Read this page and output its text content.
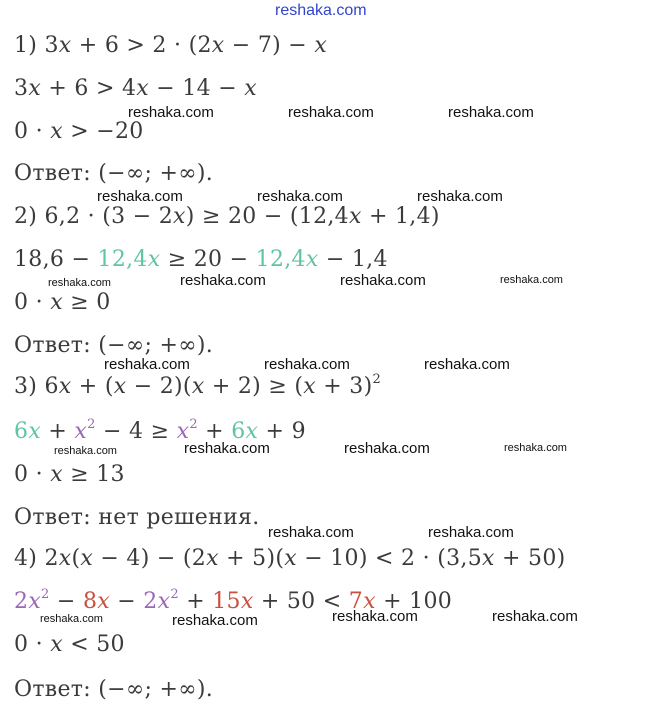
reshaka.com
1) 3x + 6 > 2 · (2x − 7) − x
3x + 6 > 4x − 14 − x
0 · x > −20
Ответ: (−∞; +∞).
2) 6,2 · (3 − 2x) ≥ 20 − (12,4x + 1,4)
18,6 − 12,4x ≥ 20 − 12,4x − 1,4
0 · x ≥ 0
Ответ: (−∞; +∞).
3) $6x + (x - 2)(x + 2) \ge (x + 3)^2$
$6x + x^2 - 4 \ge x^2 + 6x + 9$
0 · x ≥ 13
Ответ: нет решения.
4) 2x(x − 4) − (2x + 5)(x − 10) < 2 · (3,5x + 50)
$2x^2 - 8x - 2x^2 + 15x + 50 < 7x + 100$
0 · x < 50
Ответ: (−∞; +∞).
reshaka.com	reshaka.com	reshaka.com
reshaka.com	reshaka.com	reshaka.com
reshaka.com	reshaka.com	reshaka.com	reshaka.com
reshaka.com	reshaka.com	reshaka.com
reshaka.com	reshaka.com	reshaka.com	reshaka.com
reshaka.com	reshaka.com
reshaka.com	reshaka.com	reshaka.com	reshaka.com
